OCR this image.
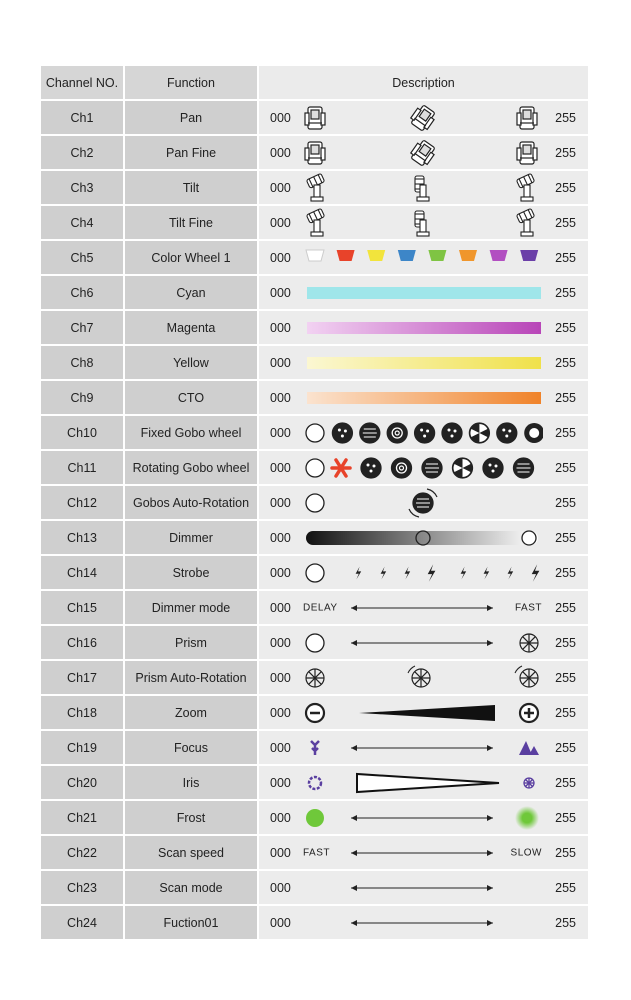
Channel NO.	Function	Description
Ch1	Pan	000	255
Ch2	Pan Fine	000	255
Ch3	Tilt	000	255
Ch4	Tilt Fine	000	255
Ch5	Color Wheel 1	000	255
Ch6	Cyan	000	255
Ch7	Magenta	000	255
Ch8	Yellow	000	255
Ch9	CTO	000	255
Ch10	Fixed Gobo wheel	000	255
Ch11	Rotating Gobo wheel	000	255
Ch12	Gobos Auto-Rotation	000	255
Ch13	Dimmer	000	255
Ch14	Strobe	000	255
Ch15	Dimmer mode	000 DELAY	FAST 255
Ch16	Prism	000	255
Ch17	Prism Auto-Rotation	000	255
Ch18	Zoom	000	255
Ch19	Focus	000	255
Ch20	Iris	000	255
Ch21	Frost	000	255
Ch22	Scan speed	000 FAST	SLOW 255
Ch23	Scan mode	000	255
Ch24	Fuction01	000	255
